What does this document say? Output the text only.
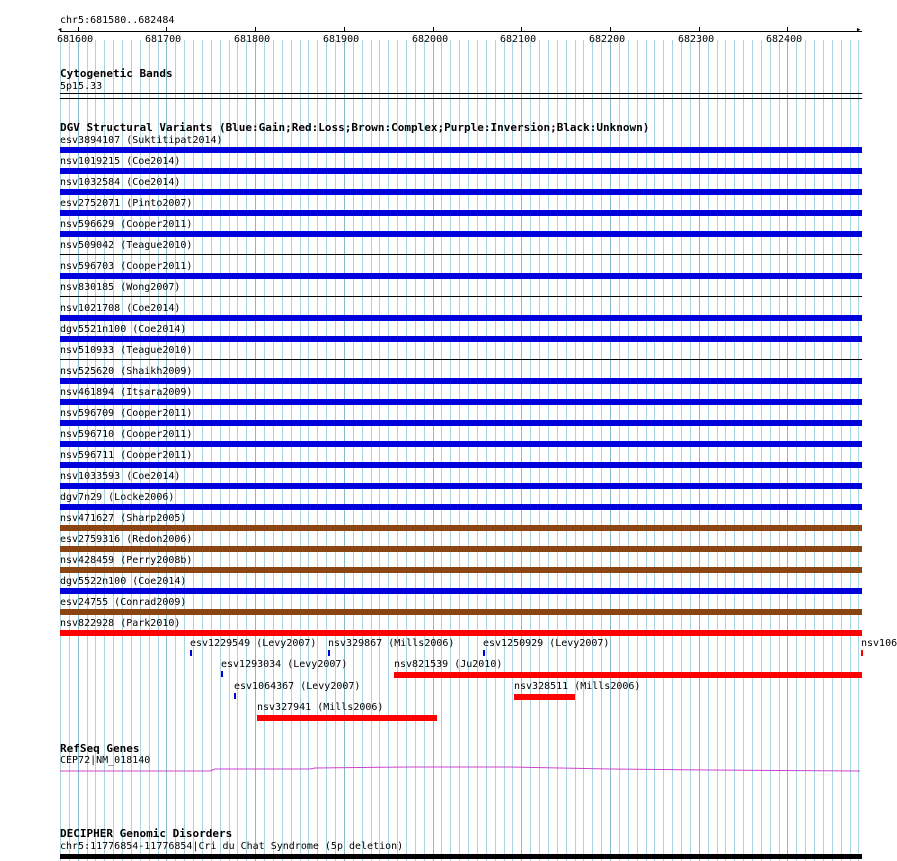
chr5:681580..682484
◂	▸
681600	681700	681800	681900	682000	682100	682200	682300	682400
Cytogenetic Bands
5p15.33
DGV Structural Variants (Blue:Gain;Red:Loss;Brown:Complex;Purple:Inversion;Black:Unknown)
esv3894107 (Suktitipat2014)
nsv1019215 (Coe2014)
nsv1032584 (Coe2014)
esv2752071 (Pinto2007)
nsv596629 (Cooper2011)
nsv509042 (Teague2010)
nsv596703 (Cooper2011)
nsv830185 (Wong2007)
nsv1021708 (Coe2014)
dgv5521n100 (Coe2014)
nsv510933 (Teague2010)
nsv525620 (Shaikh2009)
nsv461894 (Itsara2009)
nsv596709 (Cooper2011)
nsv596710 (Cooper2011)
nsv596711 (Cooper2011)
nsv1033593 (Coe2014)
dgv7n29 (Locke2006)
nsv471627 (Sharp2005)
esv2759316 (Redon2006)
nsv428459 (Perry2008b)
dgv5522n100 (Coe2014)
esv24755 (Conrad2009)
nsv822928 (Park2010)
esv1229549 (Levy2007) nsv329867 (Mills2006)	esv1250929 (Levy2007)	nsv106
esv1293034 (Levy2007)	nsv821539 (Ju2010)
esv1064367 (Levy2007)	nsv328511 (Mills2006)
nsv327941 (Mills2006)
RefSeq Genes
CEP72|NM_018140
DECIPHER Genomic Disorders
chr5:11776854-11776854|Cri du Chat Syndrome (5p deletion)
